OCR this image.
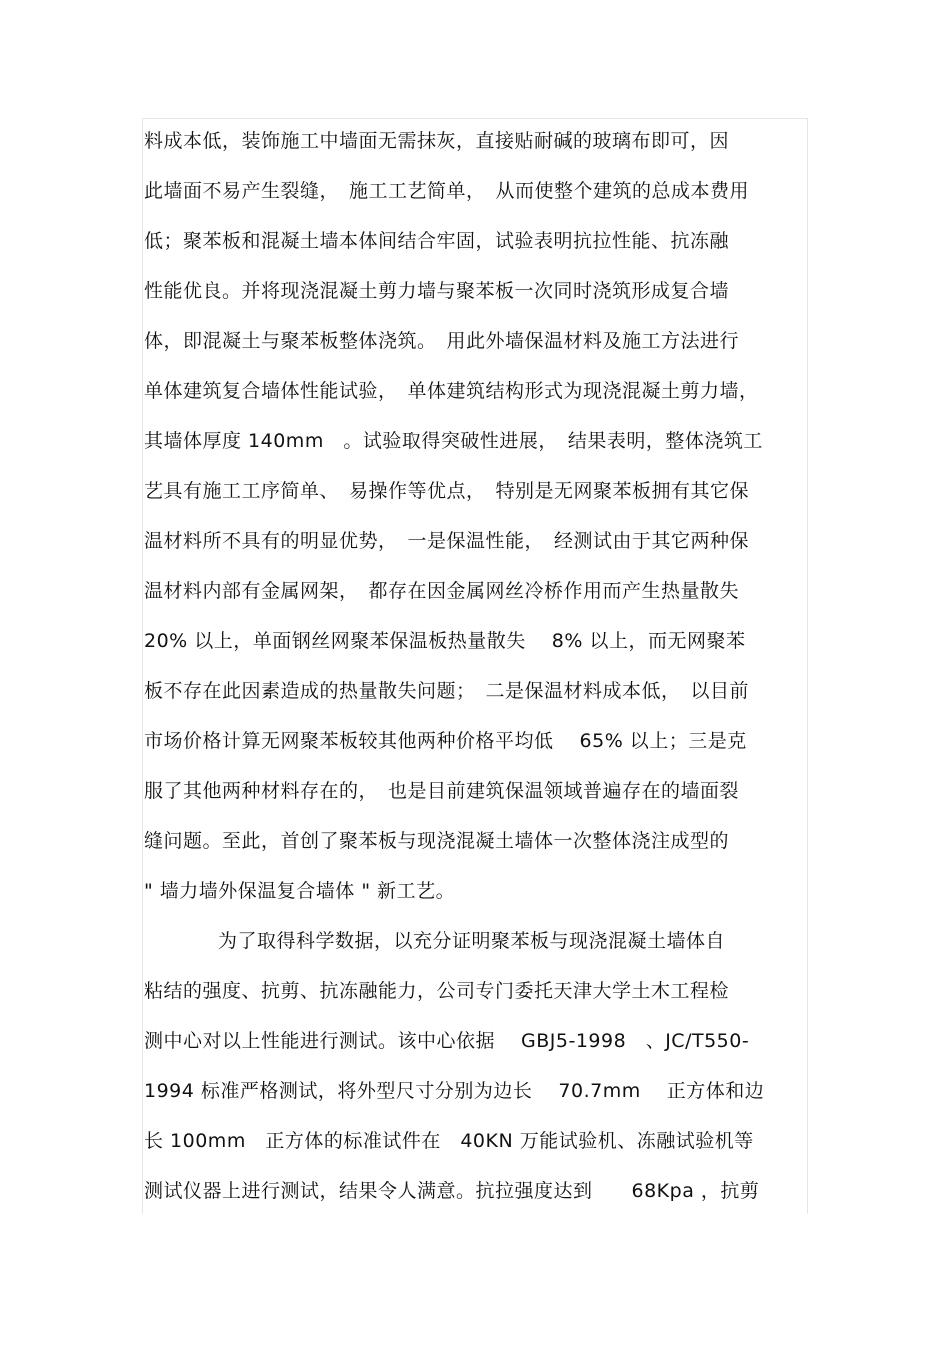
料成本低，装饰施工中墙面无需抹灰，直接贴耐碱的玻璃布即可，因
此墙面不易产生裂缝，　施工工艺简单，　从而使整个建筑的总成本费用
低；聚苯板和混凝土墙本体间结合牢固，试验表明抗拉性能、抗冻融
性能优良。并将现浇混凝土剪力墙与聚苯板一次同时浇筑形成复合墙
体，即混凝土与聚苯板整体浇筑。　用此外墙保温材料及施工方法进行
单体建筑复合墙体性能试验，　单体建筑结构形式为现浇混凝土剪力墙，
其墙体厚度 140mm　。试验取得突破性进展，　结果表明，整体浇筑工
艺具有施工工序简单、　易操作等优点，　特别是无网聚苯板拥有其它保
温材料所不具有的明显优势，　一是保温性能，　经测试由于其它两种保
温材料内部有金属网架，　都存在因金属网丝冷桥作用而产生热量散失
20% 以上，单面钢丝网聚苯保温板热量散失　 8% 以上，而无网聚苯
板不存在此因素造成的热量散失问题；　二是保温材料成本低，　以目前
市场价格计算无网聚苯板较其他两种价格平均低　 65% 以上；三是克
服了其他两种材料存在的，　也是目前建筑保温领域普遍存在的墙面裂
缝问题。至此，首创了聚苯板与现浇混凝土墙体一次整体浇注成型的
" 墙力墙外保温复合墙体 " 新工艺。
为了取得科学数据，以充分证明聚苯板与现浇混凝土墙体自
粘结的强度、抗剪、抗冻融能力，公司专门委托天津大学土木工程检
测中心对以上性能进行测试。该中心依据　 GBJ5-1998　、JC/T550-
1994 标准严格测试，将外型尺寸分别为边长　 70.7mm　 正方体和边
长 100mm　正方体的标准试件在　40KN 万能试验机、冻融试验机等
测试仪器上进行测试，结果令人满意。抗拉强度达到　　68Kpa ，抗剪
